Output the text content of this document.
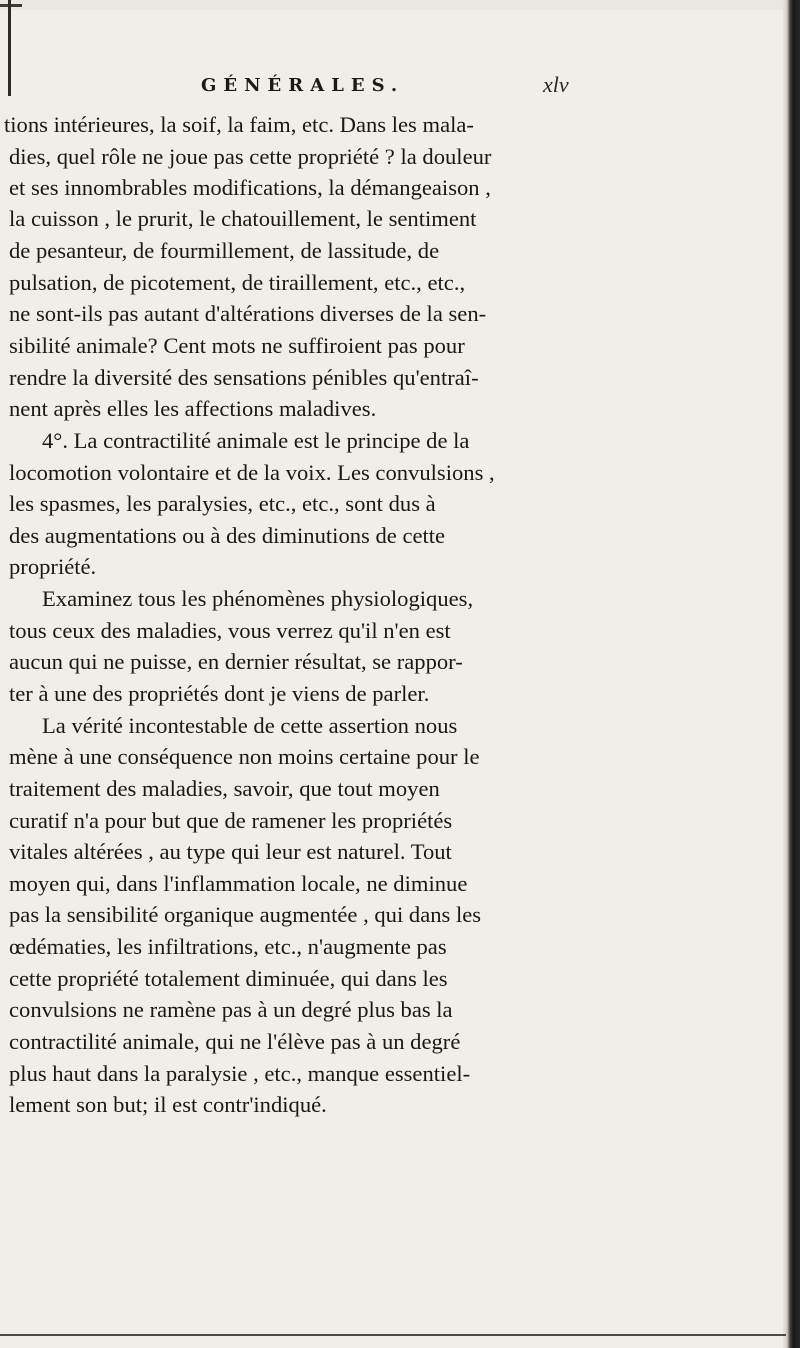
GÉNÉRALES.	xlv
tions intérieures, la soif, la faim, etc. Dans les mala-
dies, quel rôle ne joue pas cette propriété ? la douleur
et ses innombrables modifications, la démangeaison ,
la cuisson , le prurit, le chatouillement, le sentiment
de pesanteur, de fourmillement, de lassitude, de
pulsation, de picotement, de tiraillement, etc., etc.,
ne sont-ils pas autant d'altérations diverses de la sen-
sibilité animale? Cent mots ne suffiroient pas pour
rendre la diversité des sensations pénibles qu'entraî-
nent après elles les affections maladives.
4°. La contractilité animale est le principe de la
locomotion volontaire et de la voix. Les convulsions ,
les spasmes, les paralysies, etc., etc., sont dus à
des augmentations ou à des diminutions de cette
propriété.
Examinez tous les phénomènes physiologiques,
tous ceux des maladies, vous verrez qu'il n'en est
aucun qui ne puisse, en dernier résultat, se rappor-
ter à une des propriétés dont je viens de parler.
La vérité incontestable de cette assertion nous
mène à une conséquence non moins certaine pour le
traitement des maladies, savoir, que tout moyen
curatif n'a pour but que de ramener les propriétés
vitales altérées , au type qui leur est naturel. Tout
moyen qui, dans l'inflammation locale, ne diminue
pas la sensibilité organique augmentée , qui dans les
œdématies, les infiltrations, etc., n'augmente pas
cette propriété totalement diminuée, qui dans les
convulsions ne ramène pas à un degré plus bas la
contractilité animale, qui ne l'élève pas à un degré
plus haut dans la paralysie , etc., manque essentiel-
lement son but; il est contr'indiqué.
